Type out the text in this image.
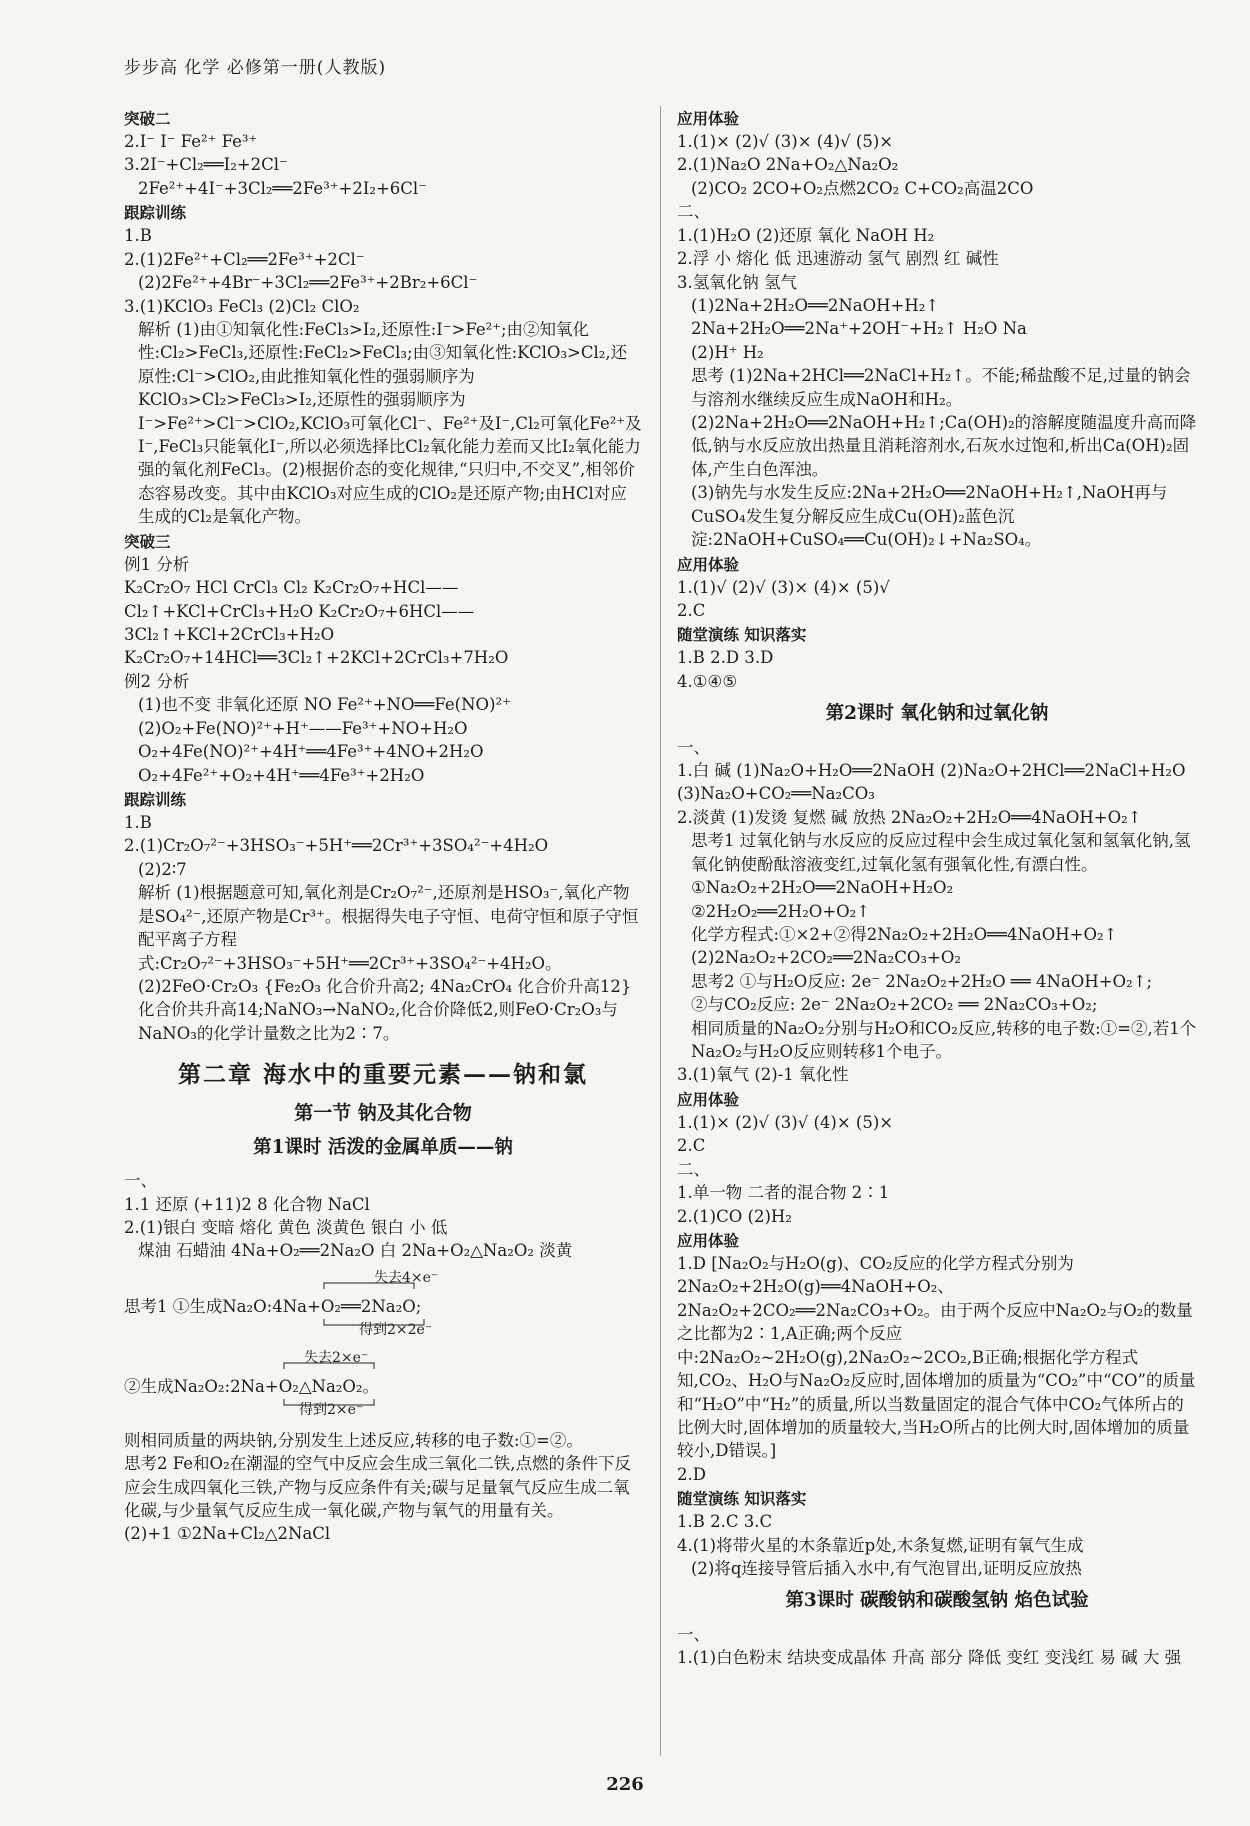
步步高 化学 必修第一册(人教版)
突破二
2.I⁻ I⁻ Fe²⁺ Fe³⁺
3.2I⁻+Cl₂══I₂+2Cl⁻
2Fe²⁺+4I⁻+3Cl₂══2Fe³⁺+2I₂+6Cl⁻
跟踪训练
1.B
2.(1)2Fe²⁺+Cl₂══2Fe³⁺+2Cl⁻
(2)2Fe²⁺+4Br⁻+3Cl₂══2Fe³⁺+2Br₂+6Cl⁻
3.(1)KClO₃ FeCl₃ (2)Cl₂ ClO₂
解析 (1)由①知氧化性:FeCl₃>I₂,还原性:I⁻>Fe²⁺;由②知氧化性:Cl₂>FeCl₃,还原性:FeCl₂>FeCl₃;由③知氧化性:KClO₃>Cl₂,还原性:Cl⁻>ClO₂,由此推知氧化性的强弱顺序为KClO₃>Cl₂>FeCl₃>I₂,还原性的强弱顺序为I⁻>Fe²⁺>Cl⁻>ClO₂,KClO₃可氧化Cl⁻、Fe²⁺及I⁻,Cl₂可氧化Fe²⁺及I⁻,FeCl₃只能氧化I⁻,所以必须选择比Cl₂氧化能力差而又比I₂氧化能力强的氧化剂FeCl₃。(2)根据价态的变化规律,“只归中,不交叉”,相邻价态容易改变。其中由KClO₃对应生成的ClO₂是还原产物;由HCl对应生成的Cl₂是氧化产物。
突破三
例1 分析
K₂Cr₂O₇ HCl CrCl₃ Cl₂ K₂Cr₂O₇+HCl——Cl₂↑+KCl+CrCl₃+H₂O K₂Cr₂O₇+6HCl——3Cl₂↑+KCl+2CrCl₃+H₂O K₂Cr₂O₇+14HCl══3Cl₂↑+2KCl+2CrCl₃+7H₂O
例2 分析
(1)也不变 非氧化还原 NO Fe²⁺+NO══Fe(NO)²⁺
(2)O₂+Fe(NO)²⁺+H⁺——Fe³⁺+NO+H₂O O₂+4Fe(NO)²⁺+4H⁺══4Fe³⁺+4NO+2H₂O O₂+4Fe²⁺+O₂+4H⁺══4Fe³⁺+2H₂O
跟踪训练
1.B
2.(1)Cr₂O₇²⁻+3HSO₃⁻+5H⁺══2Cr³⁺+3SO₄²⁻+4H₂O
(2)2∶7
解析 (1)根据题意可知,氧化剂是Cr₂O₇²⁻,还原剂是HSO₃⁻,氧化产物是SO₄²⁻,还原产物是Cr³⁺。根据得失电子守恒、电荷守恒和原子守恒配平离子方程式:Cr₂O₇²⁻+3HSO₃⁻+5H⁺══2Cr³⁺+3SO₄²⁻+4H₂O。
(2)2FeO·Cr₂O₃ {Fe₂O₃ 化合价升高2; 4Na₂CrO₄ 化合价升高12} 化合价共升高14;NaNO₃→NaNO₂,化合价降低2,则FeO·Cr₂O₃与NaNO₃的化学计量数之比为2∶7。
第二章 海水中的重要元素——钠和氯
第一节 钠及其化合物
第1课时 活泼的金属单质——钠
一、
1.1 还原 (+11)2 8 化合物 NaCl
2.(1)银白 变暗 熔化 黄色 淡黄色 银白 小 低
煤油 石蜡油 4Na+O₂══2Na₂O 白 2Na+O₂△Na₂O₂ 淡黄
失去4×e⁻
思考1 ①生成Na₂O:4Na+O₂══2Na₂O;
得到2×2e⁻
失去2×e⁻
②生成Na₂O₂:2Na+O₂△Na₂O₂。
得到2×e⁻
则相同质量的两块钠,分别发生上述反应,转移的电子数:①=②。
思考2 Fe和O₂在潮湿的空气中反应会生成三氧化二铁,点燃的条件下反应会生成四氧化三铁,产物与反应条件有关;碳与足量氧气反应生成二氧化碳,与少量氧气反应生成一氧化碳,产物与氧气的用量有关。
(2)+1 ①2Na+Cl₂△2NaCl
应用体验
1.(1)× (2)√ (3)× (4)√ (5)×
2.(1)Na₂O 2Na+O₂△Na₂O₂
(2)CO₂ 2CO+O₂点燃2CO₂ C+CO₂高温2CO
二、
1.(1)H₂O (2)还原 氧化 NaOH H₂
2.浮 小 熔化 低 迅速游动 氢气 剧烈 红 碱性
3.氢氧化钠 氢气
(1)2Na+2H₂O══2NaOH+H₂↑
2Na+2H₂O══2Na⁺+2OH⁻+H₂↑ H₂O Na
(2)H⁺ H₂
思考 (1)2Na+2HCl══2NaCl+H₂↑。不能;稀盐酸不足,过量的钠会与溶剂水继续反应生成NaOH和H₂。
(2)2Na+2H₂O══2NaOH+H₂↑;Ca(OH)₂的溶解度随温度升高而降低,钠与水反应放出热量且消耗溶剂水,石灰水过饱和,析出Ca(OH)₂固体,产生白色浑浊。
(3)钠先与水发生反应:2Na+2H₂O══2NaOH+H₂↑,NaOH再与CuSO₄发生复分解反应生成Cu(OH)₂蓝色沉淀:2NaOH+CuSO₄══Cu(OH)₂↓+Na₂SO₄。
应用体验
1.(1)√ (2)√ (3)× (4)× (5)√
2.C
随堂演练 知识落实
1.B 2.D 3.D
4.①④⑤
第2课时 氧化钠和过氧化钠
一、
1.白 碱 (1)Na₂O+H₂O══2NaOH (2)Na₂O+2HCl══2NaCl+H₂O (3)Na₂O+CO₂══Na₂CO₃
2.淡黄 (1)发烫 复燃 碱 放热 2Na₂O₂+2H₂O══4NaOH+O₂↑
思考1 过氧化钠与水反应的反应过程中会生成过氧化氢和氢氧化钠,氢氧化钠使酚酞溶液变红,过氧化氢有强氧化性,有漂白性。
①Na₂O₂+2H₂O══2NaOH+H₂O₂
②2H₂O₂══2H₂O+O₂↑
化学方程式:①×2+②得2Na₂O₂+2H₂O══4NaOH+O₂↑
(2)2Na₂O₂+2CO₂══2Na₂CO₃+O₂
思考2 ①与H₂O反应: 2e⁻ 2Na₂O₂+2H₂O ══ 4NaOH+O₂↑;
②与CO₂反应: 2e⁻ 2Na₂O₂+2CO₂ ══ 2Na₂CO₃+O₂;
相同质量的Na₂O₂分别与H₂O和CO₂反应,转移的电子数:①=②,若1个Na₂O₂与H₂O反应则转移1个电子。
3.(1)氧气 (2)-1 氧化性
应用体验
1.(1)× (2)√ (3)√ (4)× (5)×
2.C
二、
1.单一物 二者的混合物 2∶1
2.(1)CO (2)H₂
应用体验
1.D [Na₂O₂与H₂O(g)、CO₂反应的化学方程式分别为2Na₂O₂+2H₂O(g)══4NaOH+O₂、2Na₂O₂+2CO₂══2Na₂CO₃+O₂。由于两个反应中Na₂O₂与O₂的数量之比都为2∶1,A正确;两个反应中:2Na₂O₂~2H₂O(g),2Na₂O₂~2CO₂,B正确;根据化学方程式知,CO₂、H₂O与Na₂O₂反应时,固体增加的质量为“CO₂”中“CO”的质量和“H₂O”中“H₂”的质量,所以当数量固定的混合气体中CO₂气体所占的比例大时,固体增加的质量较大,当H₂O所占的比例大时,固体增加的质量较小,D错误。]
2.D
随堂演练 知识落实
1.B 2.C 3.C
4.(1)将带火星的木条靠近p处,木条复燃,证明有氧气生成
(2)将q连接导管后插入水中,有气泡冒出,证明反应放热
第3课时 碳酸钠和碳酸氢钠 焰色试验
一、
1.(1)白色粉末 结块变成晶体 升高 部分 降低 变红 变浅红 易 碱 大 强
226
